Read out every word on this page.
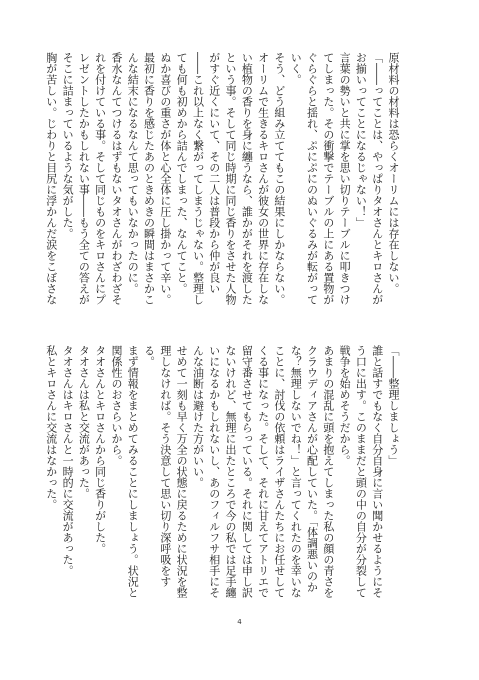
原材料の材料は恐らくオーリムには存在しない。

「――ってことは、やっぱりタオさんとキロさんがお揃いってことになるじゃない！」

言葉の勢いと共に掌を思い切りテーブルに叩きつけてしまった。その衝撃でテーブルの上にある置物がぐらぐらと揺れ、ぷにぷにのぬいぐるみが転がっていく。

そう、どう組み立ててもこの結果にしかならない。オーリムで生きるキロさんが彼女の世界に存在しない植物の香りを身に纏うなら、誰かがそれを渡したという事。そして同じ時期に同じ香りをさせた人物がすぐ近くにいて、その二人は普段から仲が良い――これ以上なく繋がってしまうじゃない。整理しても何も初めから詰んでしまった、なんてこと。

ぬか喜びの重さが体と心全体に圧し掛かって辛い。最初に香りを感じたあのときめきの瞬間はまさかこんな結末になるなんて思ってもいなかったのに。

香水なんてつけるはずもないタオさんがわざわざそれを付けている事。そして同じものをキロさんにプレゼントしたかもしれない事――もう全ての答えがそこに詰まっているような気がした。

胸が苦しい。じわりと目尻に浮かんだ涙をこぼさな

「――整理しましょう」

誰と話すでもなく自分自身に言い聞かせるようにそう口に出す。このままだと頭の中の自分が分裂して戦争を始めそうだから。

あまりの混乱に頭を抱えてしまった私の顔の青さをクラウディアさんが心配していた。「体調悪いのかな？無理しないでね！」と言ってくれたのを幸いなことに、討伐の依頼はライザさんたちにお任せしてくる事になった。そして、それに甘えてアトリエで留守番させてもらっている。それに関しては申し訳ないけれど、無理に出たところで今の私では足手纏いになるかもしれないし、あのフィルフサ相手にそんな油断は避けた方がいい。

せめて一刻も早く万全の状態に戻るために状況を整理しなければ。そう決意して思い切り深呼吸をする。

まず情報をまとめてみることにしましょう。状況と関係性のおさらいから。

タオさんとキロさんから同じ香りがした。

タオさんは私と交流があった。

タオさんはキロさんと一時的に交流があった。

私とキロさんに交流はなかった。

4
